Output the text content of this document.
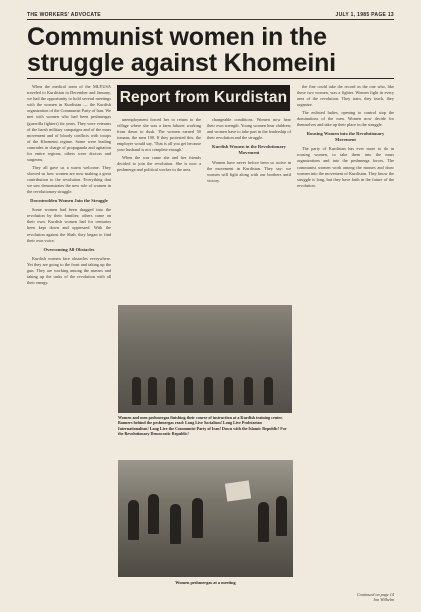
THE WORKERS' ADVOCATE	JULY 1, 1985 PAGE 13
Communist women in the struggle against Khomeini

When the medical team of the MLP,USA traveled to Kurdistan in December and January, we had the opportunity to hold several meetings with the women in Kurdistan — the Kurdish organization of the Communist Party of Iran. We met with women who had been peshmergas (guerrilla fighters) for years. They were veterans of the harsh military campaigns and of the mass movement and of bloody conflicts with troops of the Khomeini regime. Some were leading comrades in charge of propaganda and agitation for entire regions; others were doctors and surgeons.

They all gave us a warm welcome. They showed us how women are now making a great contribution to the revolution. Everything that we saw demonstrates the new role of women in the revolutionary struggle.

Downtrodden Women Join the Struggle

Some women had been dragged into the revolution by their families; others came on their own. Kurdish women had for centuries been kept down and oppressed. With the revolution against the Shah, they began to find their own voice.

Overcoming All Obstacles

Kurdish women face obstacles everywhere. Yet they are going to the front and taking up the gun. They are working among the masses and taking up the tasks of the revolution with all their energy.

Report from Kurdistan

unemployment forced her to return to the village where she was a farm laborer working from dawn to dusk. The women earned 50 tomans, the men 100. If they protested this, the employer would say, 'That is all you get because your husband is not complete enough.'

When the war came she and her friends decided to join the revolution. She is now a peshmerga and political worker in the area.

changeable conditions. Women now hear their own strength. Young women hear children; and women have to take part in the leadership of their revolution and the struggle.

Kurdish Women in the Revolutionary Movement

Women have never before been so active in the movement in Kurdistan. They say: we women will fight along with our brothers until victory.

the fine could take the record as the one who, like these two women, was a fighter. Women fight in every area of the revolution. They train, they teach, they organize.

The enlisted ladies, opening to control stop the dominations of the men. Women now decide for themselves and take up their place in the struggle.

Rousing Women into the Revolutionary Movement

The party of Kurdistan has ever more to do in rousing women, to take them into the mass organizations and into the peshmerga forces. The communist women work among the masses and draw women into the movement of Kurdistan. They know the struggle is long, but they have faith in the future of the revolution.

Women and men peshmergas finishing their course of instruction at a Kurdish training center. Banners behind the peshmergas read: Long Live Socialism! Long Live Proletarian Internationalism! Long Live the Communist Party of Iran! Down with the Islamic Republic! For the Revolutionary Democratic Republic!
Women peshmergas at a meeting
Continued on page 14
Jon Wilhelm
